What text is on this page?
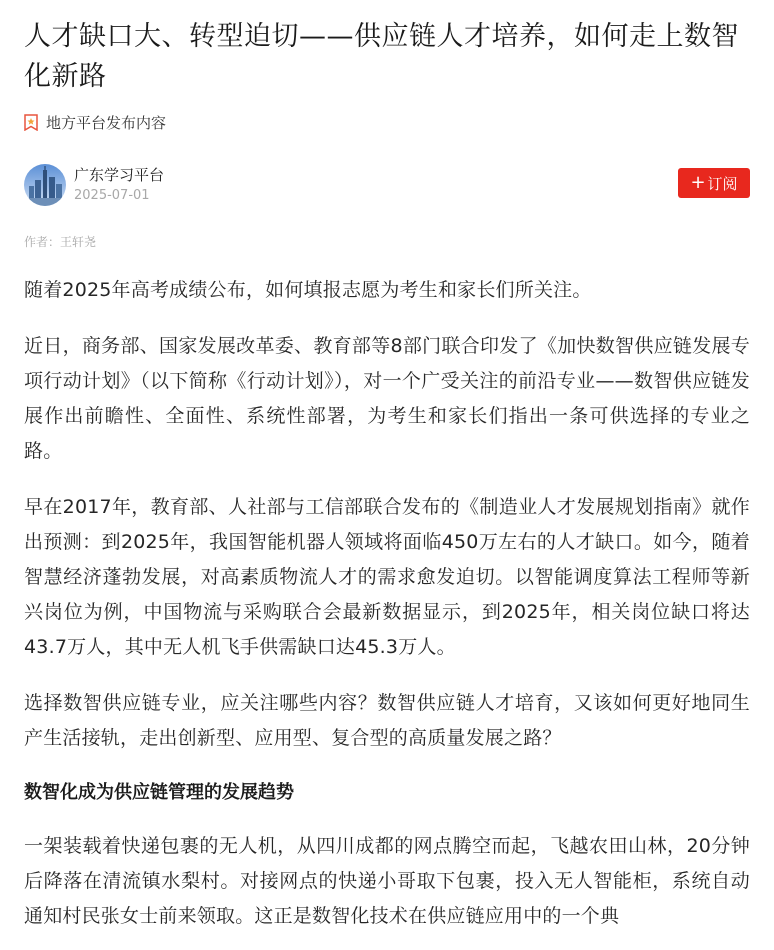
人才缺口大、转型迫切——供应链人才培养，如何走上数智化新路
地方平台发布内容
广东学习平台
2025-07-01
+ 订阅
作者：王轩尧

随着2025年高考成绩公布，如何填报志愿为考生和家长们所关注。

近日，商务部、国家发展改革委、教育部等8部门联合印发了《加快数智供应链发展专项行动计划》（以下简称《行动计划》），对一个广受关注的前沿专业——数智供应链发展作出前瞻性、全面性、系统性部署，为考生和家长们指出一条可供选择的专业之路。

早在2017年，教育部、人社部与工信部联合发布的《制造业人才发展规划指南》就作出预测：到2025年，我国智能机器人领域将面临450万左右的人才缺口。如今，随着智慧经济蓬勃发展，对高素质物流人才的需求愈发迫切。以智能调度算法工程师等新兴岗位为例，中国物流与采购联合会最新数据显示，到2025年，相关岗位缺口将达43.7万人，其中无人机飞手供需缺口达45.3万人。

选择数智供应链专业，应关注哪些内容？数智供应链人才培育，又该如何更好地同生产生活接轨，走出创新型、应用型、复合型的高质量发展之路？

数智化成为供应链管理的发展趋势

一架装载着快递包裹的无人机，从四川成都的网点腾空而起，飞越农田山林，20分钟后降落在清流镇水梨村。对接网点的快递小哥取下包裹，投入无人智能柜，系统自动通知村民张女士前来领取。这正是数智化技术在供应链应用中的一个典
